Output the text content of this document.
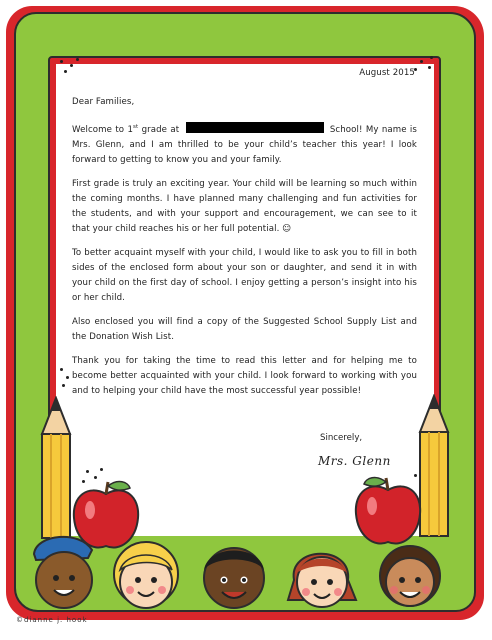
August 2015
Dear Families,
Welcome to 1st grade at	School! My name is Mrs. Glenn, and I am thrilled to be your child’s teacher this year! I look forward to getting to know you and your family.
First grade is truly an exciting year. Your child will be learning so much within the coming months. I have planned many challenging and fun activities for the students, and with your support and encouragement, we can see to it that your child reaches his or her full potential. ☺
To better acquaint myself with your child, I would like to ask you to fill in both sides of the enclosed form about your son or daughter, and send it in with your child on the first day of school. I enjoy getting a person’s insight into his or her child.
Also enclosed you will find a copy of the Suggested School Supply List and the Donation Wish List.
Thank you for taking the time to read this letter and for helping me to become better acquainted with your child. I look forward to working with you and to helping your child have the most successful year possible!
Sincerely,
Mrs. Glenn
©dianne j. hook
